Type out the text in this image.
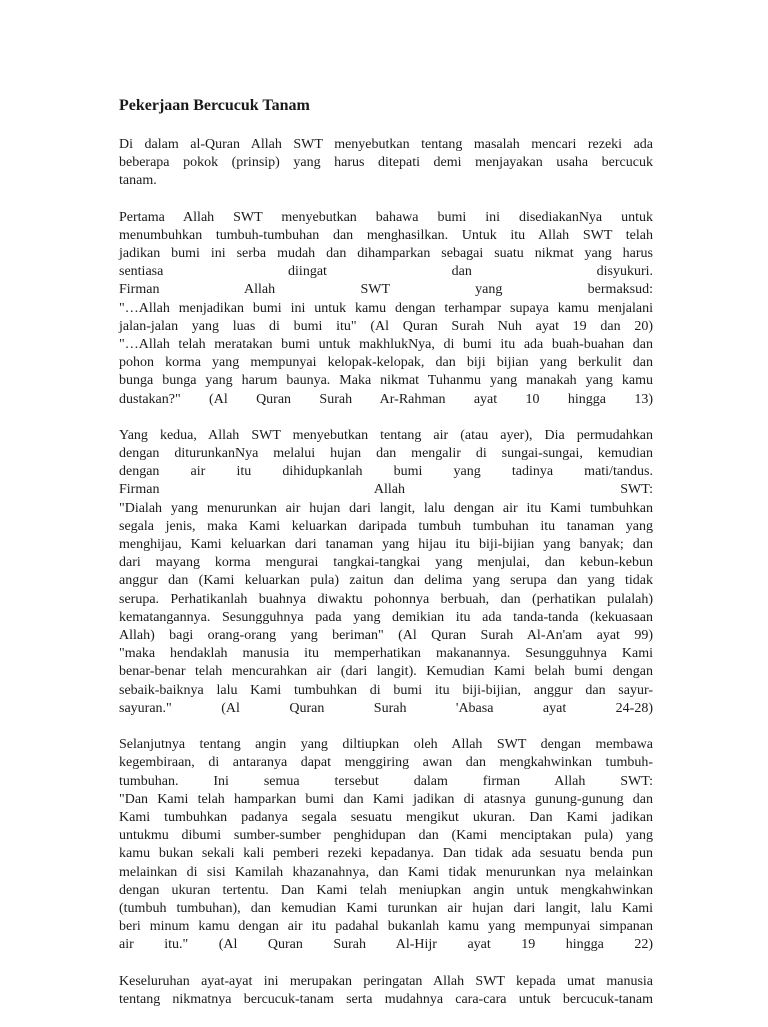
Pekerjaan Bercucuk Tanam
Di dalam al-Quran Allah SWT menyebutkan tentang masalah mencari rezeki ada
beberapa pokok (prinsip) yang harus ditepati demi menjayakan usaha bercucuk
tanam.
Pertama Allah SWT menyebutkan bahawa bumi ini disediakanNya untuk
menumbuhkan tumbuh-tumbuhan dan menghasilkan. Untuk itu Allah SWT telah
jadikan bumi ini serba mudah dan dihamparkan sebagai suatu nikmat yang harus
sentiasa diingat dan disyukuri.
Firman Allah SWT yang bermaksud:
"…Allah menjadikan bumi ini untuk kamu dengan terhampar supaya kamu menjalani
jalan-jalan yang luas di bumi itu" (Al Quran Surah Nuh ayat 19 dan 20)
"…Allah telah meratakan bumi untuk makhlukNya, di bumi itu ada buah-buahan dan
pohon korma yang mempunyai kelopak-kelopak, dan biji bijian yang berkulit dan
bunga bunga yang harum baunya. Maka nikmat Tuhanmu yang manakah yang kamu
dustakan?" (Al Quran Surah Ar-Rahman ayat 10 hingga 13)
Yang kedua, Allah SWT menyebutkan tentang air (atau ayer), Dia permudahkan
dengan diturunkanNya melalui hujan dan mengalir di sungai-sungai, kemudian
dengan air itu dihidupkanlah bumi yang tadinya mati/tandus.
Firman Allah SWT:
"Dialah yang menurunkan air hujan dari langit, lalu dengan air itu Kami tumbuhkan
segala jenis, maka Kami keluarkan daripada tumbuh tumbuhan itu tanaman yang
menghijau, Kami keluarkan dari tanaman yang hijau itu biji-bijian yang banyak; dan
dari mayang korma mengurai tangkai-tangkai yang menjulai, dan kebun-kebun
anggur dan (Kami keluarkan pula) zaitun dan delima yang serupa dan yang tidak
serupa. Perhatikanlah buahnya diwaktu pohonnya berbuah, dan (perhatikan pulalah)
kematangannya. Sesungguhnya pada yang demikian itu ada tanda-tanda (kekuasaan
Allah) bagi orang-orang yang beriman" (Al Quran Surah Al-An'am ayat 99)
"maka hendaklah manusia itu memperhatikan makanannya. Sesungguhnya Kami
benar-benar telah mencurahkan air (dari langit). Kemudian Kami belah bumi dengan
sebaik-baiknya lalu Kami tumbuhkan di bumi itu biji-bijian, anggur dan sayur-
sayuran." (Al Quran Surah 'Abasa ayat 24-28)
Selanjutnya tentang angin yang diltiupkan oleh Allah SWT dengan membawa
kegembiraan, di antaranya dapat menggiring awan dan mengkahwinkan tumbuh-
tumbuhan. Ini semua tersebut dalam firman Allah SWT:
"Dan Kami telah hamparkan bumi dan Kami jadikan di atasnya gunung-gunung dan
Kami tumbuhkan padanya segala sesuatu mengikut ukuran. Dan Kami jadikan
untukmu dibumi sumber-sumber penghidupan dan (Kami menciptakan pula) yang
kamu bukan sekali kali pemberi rezeki kepadanya. Dan tidak ada sesuatu benda pun
melainkan di sisi Kamilah khazanahnya, dan Kami tidak menurunkan nya melainkan
dengan ukuran tertentu. Dan Kami telah meniupkan angin untuk mengkahwinkan
(tumbuh tumbuhan), dan kemudian Kami turunkan air hujan dari langit, lalu Kami
beri minum kamu dengan air itu padahal bukanlah kamu yang mempunyai simpanan
air itu." (Al Quran Surah Al-Hijr ayat 19 hingga 22)
Keseluruhan ayat-ayat ini merupakan peringatan Allah SWT kepada umat manusia
tentang nikmatnya bercucuk-tanam serta mudahnya cara-cara untuk bercucuk-tanam
